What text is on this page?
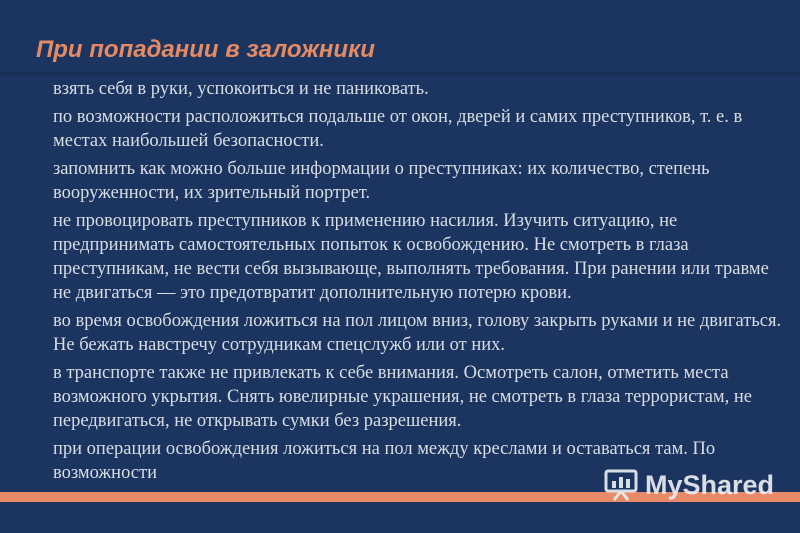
При попадании в заложники
взять себя в руки, успокоиться и не паниковать.
по возможности расположиться подальше от окон, дверей и самих преступников, т. е. в местах наибольшей безопасности.
запомнить как можно больше информации о преступниках: их количество, степень вооруженности, их зрительный портрет.
не провоцировать преступников к применению насилия. Изучить ситуацию, не предпринимать самостоятельных попыток к освобождению. Не смотреть в глаза преступникам, не вести себя вызывающе, выполнять требования. При ранении или травме не двигаться — это предотвратит дополнительную потерю крови.
во время освобождения ложиться на пол лицом вниз, голову закрыть руками и не двигаться. Не бежать навстречу сотрудникам спецслужб или от них.
в транспорте также не привлекать к себе внимания. Осмотреть салон, отметить места возможного укрытия. Снять ювелирные украшения, не смотреть в глаза террористам, не передвигаться, не открывать сумки без разрешения.
при операции освобождения ложиться на пол между креслами и оставаться там. По возможности	MyShared
